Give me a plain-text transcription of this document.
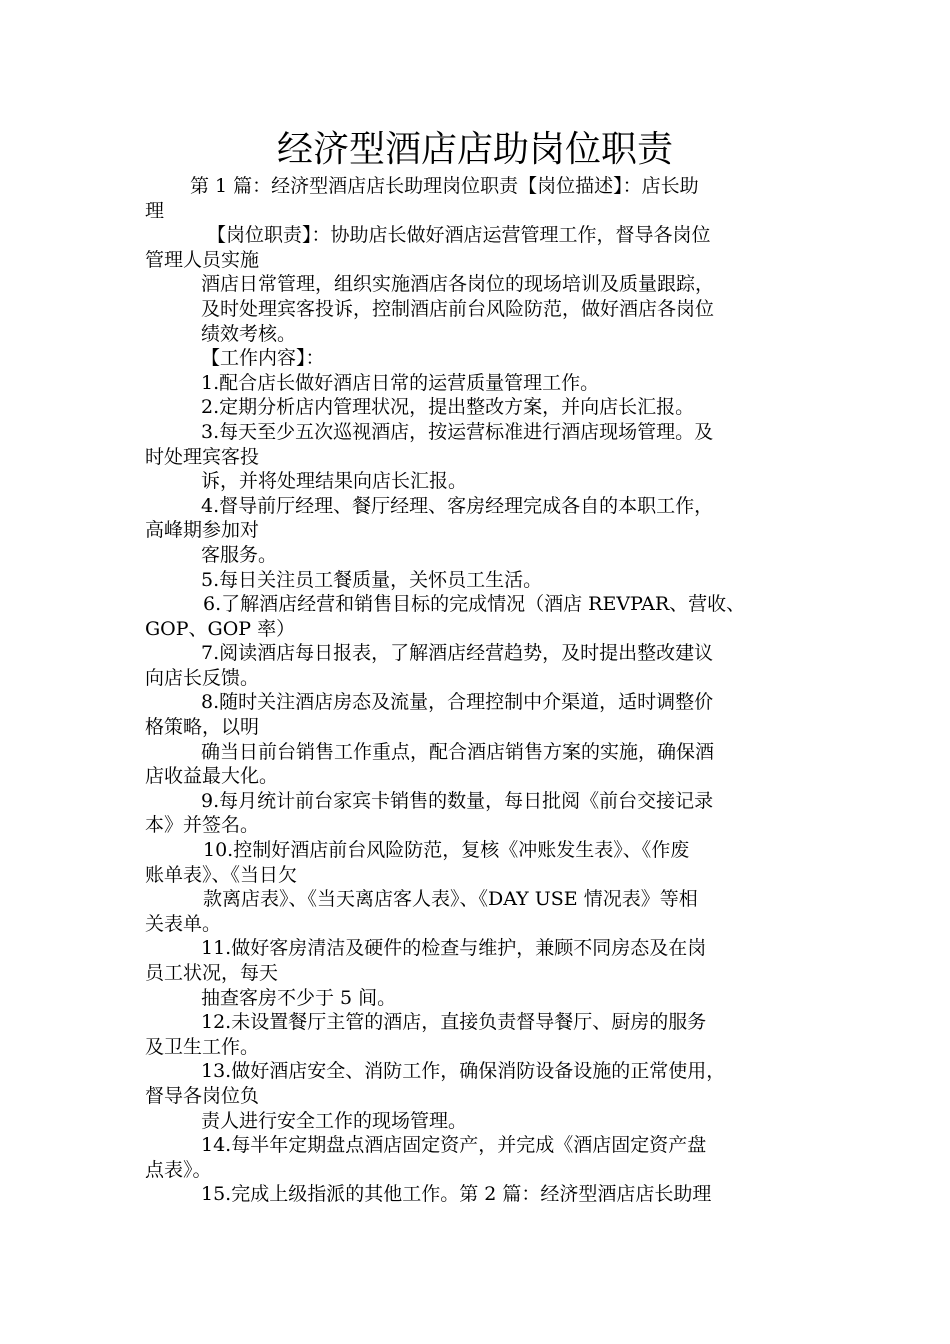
经济型酒店店助岗位职责

第 1 篇：经济型酒店店长助理岗位职责【岗位描述】：店长助
理

【岗位职责】：协助店长做好酒店运营管理工作，督导各岗位
管理人员实施

酒店日常管理，组织实施酒店各岗位的现场培训及质量跟踪，

及时处理宾客投诉，控制酒店前台风险防范，做好酒店各岗位

绩效考核。

【工作内容】：

1.配合店长做好酒店日常的运营质量管理工作。

2.定期分析店内管理状况，提出整改方案，并向店长汇报。

3.每天至少五次巡视酒店，按运营标准进行酒店现场管理。及
时处理宾客投

诉，并将处理结果向店长汇报。

4.督导前厅经理、餐厅经理、客房经理完成各自的本职工作，
高峰期参加对

客服务。

5.每日关注员工餐质量，关怀员工生活。

6.了解酒店经营和销售目标的完成情况（酒店 REVPAR、营收、
GOP、GOP 率）

7.阅读酒店每日报表，了解酒店经营趋势，及时提出整改建议
向店长反馈。

8.随时关注酒店房态及流量，合理控制中介渠道，适时调整价
格策略，以明

确当日前台销售工作重点，配合酒店销售方案的实施，确保酒
店收益最大化。

9.每月统计前台家宾卡销售的数量，每日批阅《前台交接记录
本》并签名。

10.控制好酒店前台风险防范，复核《冲账发生表》、《作废
账单表》、《当日欠

款离店表》、《当天离店客人表》、《DAY USE 情况表》等相
关表单。

11.做好客房清洁及硬件的检查与维护，兼顾不同房态及在岗
员工状况，每天

抽查客房不少于 5 间。

12.未设置餐厅主管的酒店，直接负责督导餐厅、厨房的服务
及卫生工作。

13.做好酒店安全、消防工作，确保消防设备设施的正常使用，
督导各岗位负

责人进行安全工作的现场管理。

14.每半年定期盘点酒店固定资产，并完成《酒店固定资产盘
点表》。

15.完成上级指派的其他工作。第 2 篇：经济型酒店店长助理
